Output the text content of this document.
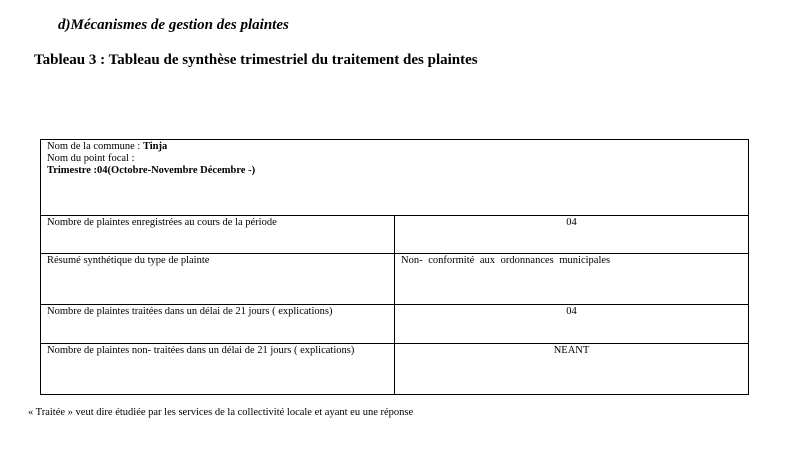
d)Mécanismes de gestion des plaintes
Tableau 3 : Tableau de synthèse trimestriel du traitement des plaintes
Nom de la commune : Tinja
Nom du point focal :
Trimestre :04(Octobre-Novembre Décembre -)	

Nombre de plaintes enregistrées au cours de la période	04
Résumé synthétique du type de plainte	Non- conformité aux ordonnances municipales
Nombre de plaintes traitées dans un délai de 21 jours ( explications)	04
Nombre de plaintes non- traitées dans un délai de 21 jours ( explications)	NEANT
« Traitée » veut dire étudiée par les services de la collectivité locale et ayant eu une réponse
